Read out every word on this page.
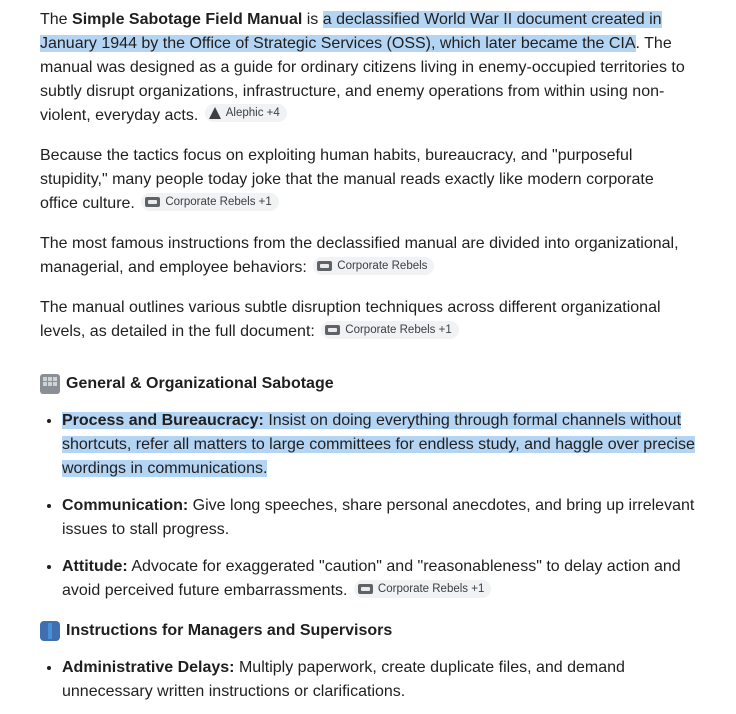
The Simple Sabotage Field Manual is a declassified World War II document created in January 1944 by the Office of Strategic Services (OSS), which later became the CIA. The manual was designed as a guide for ordinary citizens living in enemy-occupied territories to subtly disrupt organizations, infrastructure, and enemy operations from within using non-violent, everyday acts. Alephic +4

Because the tactics focus on exploiting human habits, bureaucracy, and "purposeful stupidity," many people today joke that the manual reads exactly like modern corporate office culture.	Corporate Rebels +1

The most famous instructions from the declassified manual are divided into organizational, managerial, and employee behaviors:	Corporate Rebels

The manual outlines various subtle disruption techniques across different organizational levels, as detailed in the full document:	Corporate Rebels +1

General & Organizational Sabotage
• Process and Bureaucracy: Insist on doing everything through formal channels without shortcuts, refer all matters to large committees for endless study, and haggle over precise wordings in communications.
• Communication: Give long speeches, share personal anecdotes, and bring up irrelevant issues to stall progress.
• Attitude: Advocate for exaggerated "caution" and "reasonableness" to delay action and avoid perceived future embarrassments.	Corporate Rebels +1
Instructions for Managers and Supervisors
• Administrative Delays: Multiply paperwork, create duplicate files, and demand unnecessary written instructions or clarifications.
